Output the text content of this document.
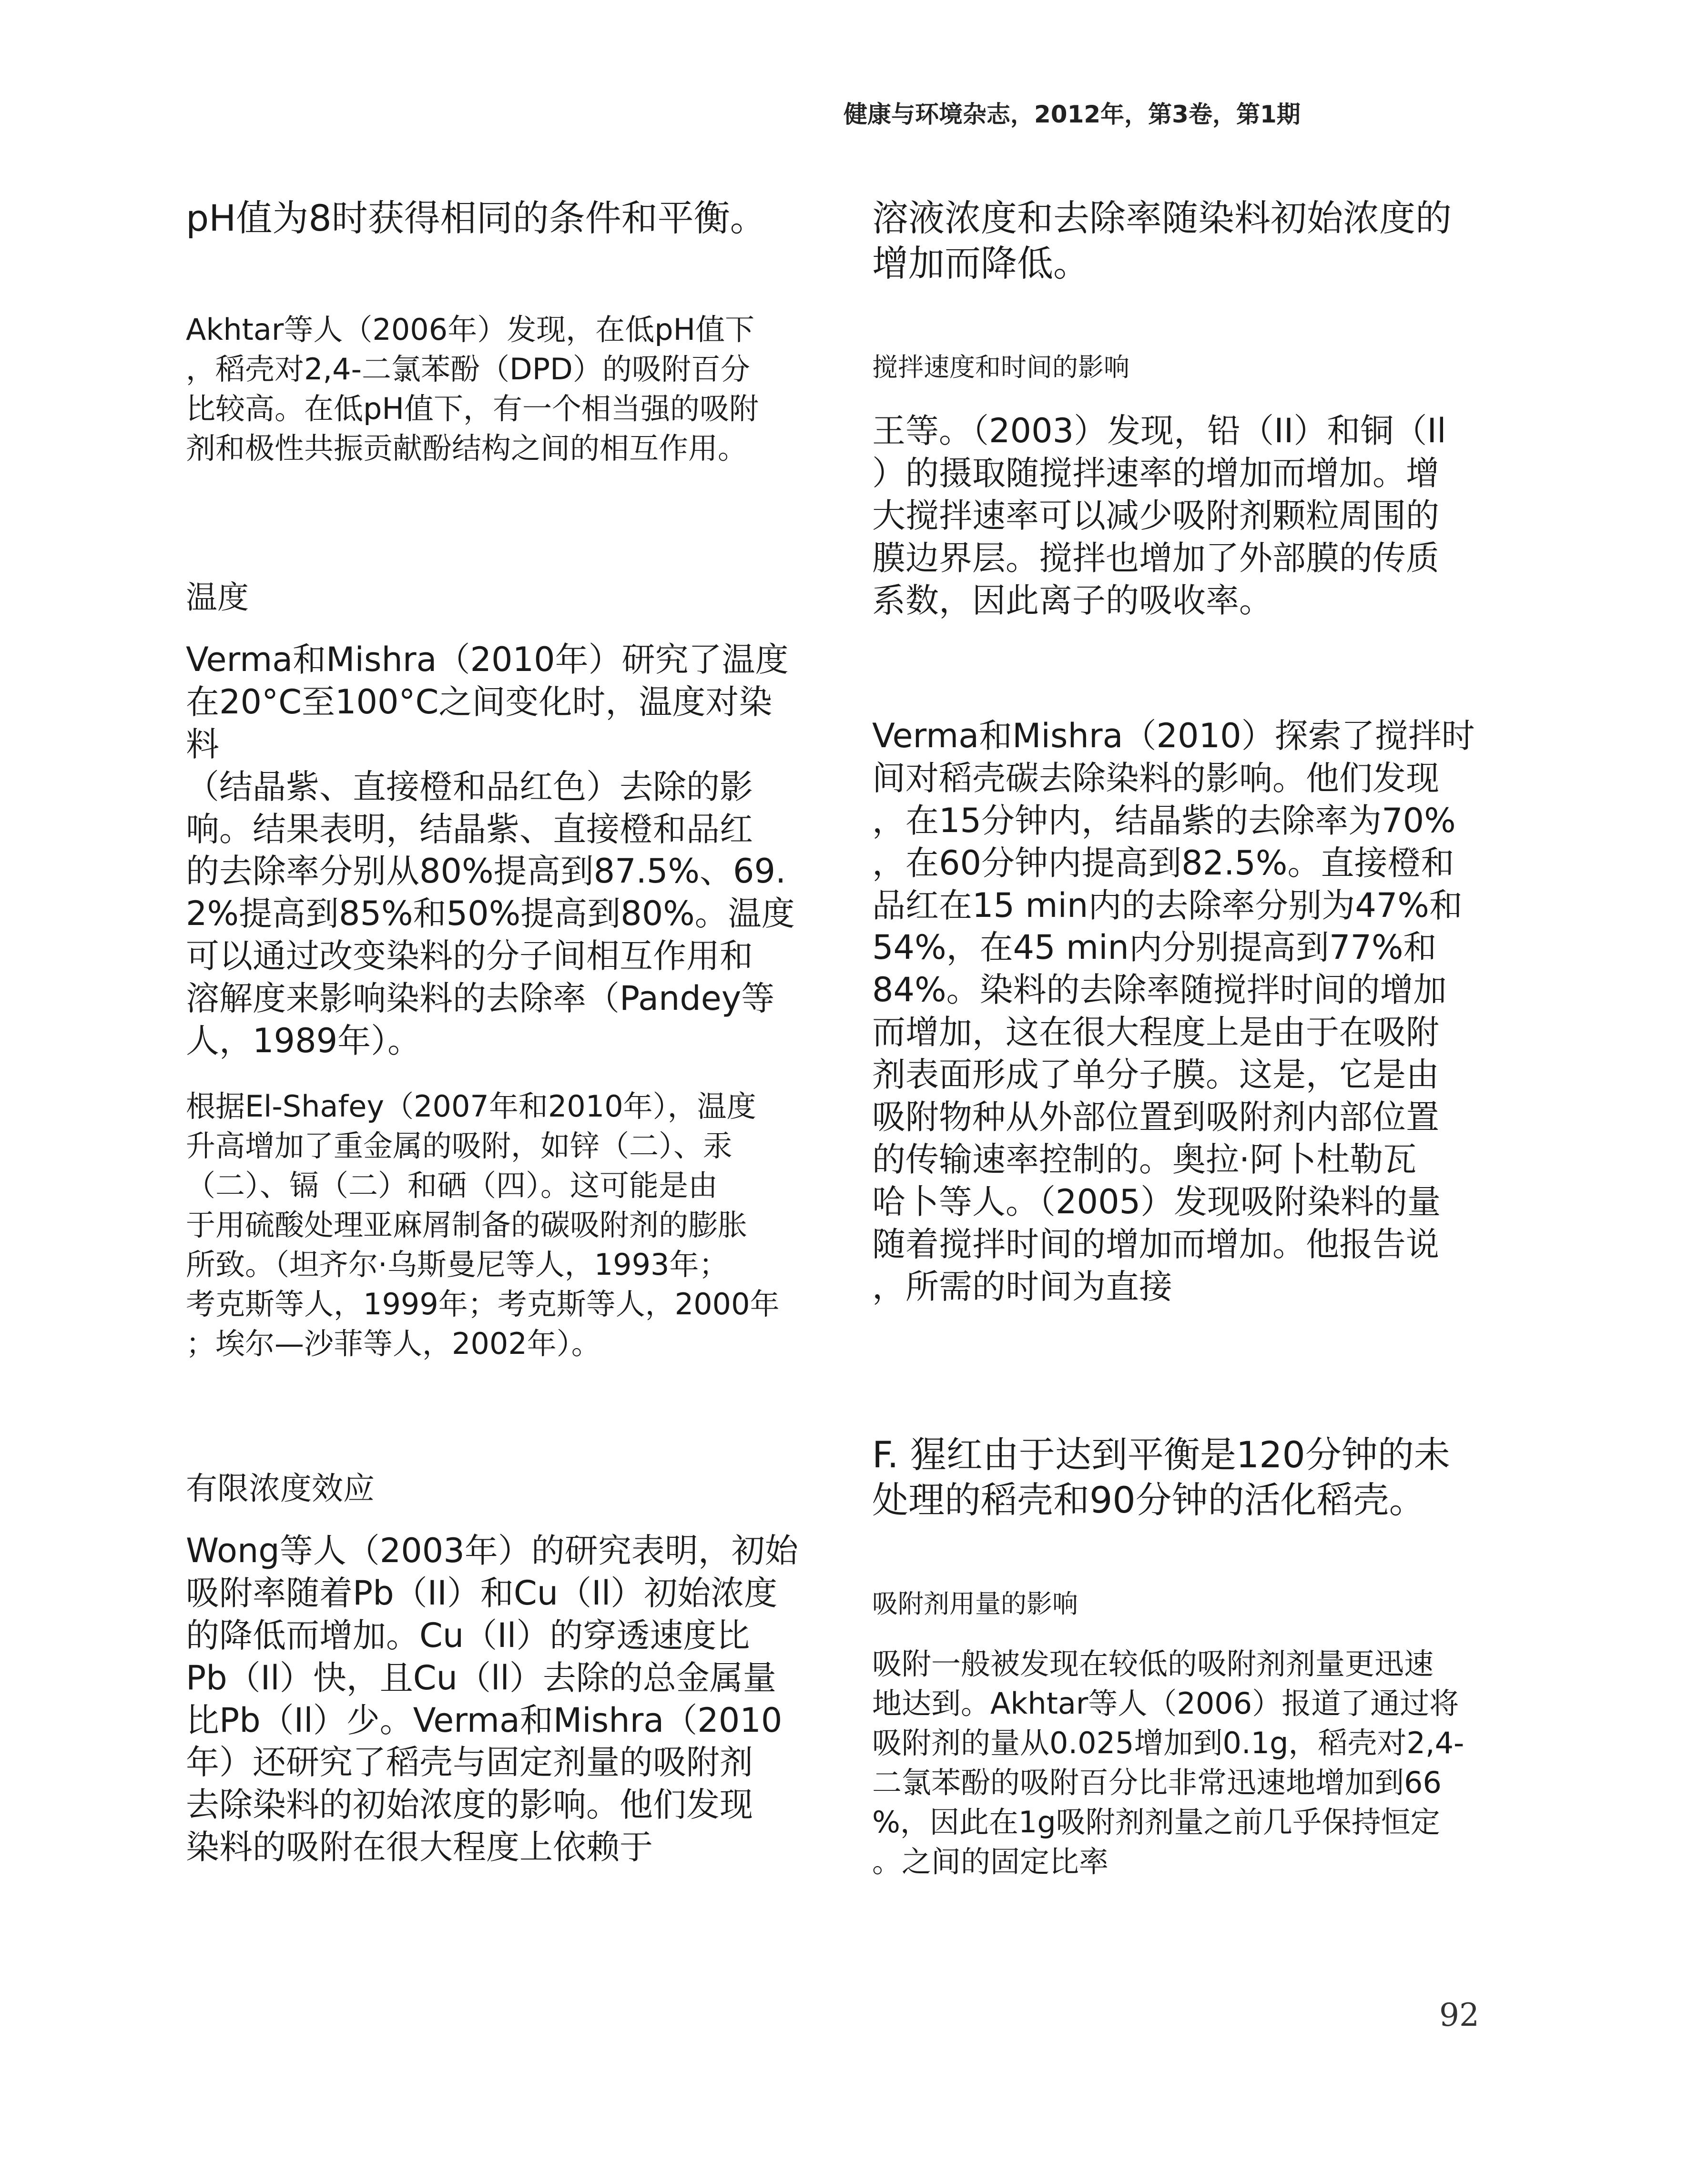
健康与环境杂志，2012年，第3卷，第1期
pH值为8时获得相同的条件和平衡。
Akhtar等人（2006年）发现，在低pH值下
，稻壳对2,4-二氯苯酚（DPD）的吸附百分
比较高。在低pH值下，有一个相当强的吸附
剂和极性共振贡献酚结构之间的相互作用。
温度
Verma和Mishra（2010年）研究了温度
在20°C至100°C之间变化时，温度对染料
（结晶紫、直接橙和品红色）去除的影
响。结果表明，结晶紫、直接橙和品红
的去除率分别从80%提高到87.5%、69.
2%提高到85%和50%提高到80%。温度
可以通过改变染料的分子间相互作用和
溶解度来影响染料的去除率（Pandey等
人，1989年）。
根据El-Shafey（2007年和2010年），温度
升高增加了重金属的吸附，如锌（二）、汞
（二）、镉（二）和硒（四）。这可能是由
于用硫酸处理亚麻屑制备的碳吸附剂的膨胀
所致。（坦齐尔·乌斯曼尼等人，1993年；
考克斯等人，1999年；考克斯等人，2000年
；埃尔—沙菲等人，2002年）。
有限浓度效应
Wong等人（2003年）的研究表明，初始
吸附率随着Pb（II）和Cu（Il）初始浓度
的降低而增加。Cu（Il）的穿透速度比
Pb（Il）快，且Cu（ll）去除的总金属量
比Pb（Il）少。Verma和Mishra（2010
年）还研究了稻壳与固定剂量的吸附剂
去除染料的初始浓度的影响。他们发现
染料的吸附在很大程度上依赖于
溶液浓度和去除率随染料初始浓度的
增加而降低。
搅拌速度和时间的影响
王等。（2003）发现，铅（II）和铜（Il
）的摄取随搅拌速率的增加而增加。增
大搅拌速率可以减少吸附剂颗粒周围的
膜边界层。搅拌也增加了外部膜的传质
系数，因此离子的吸收率。
Verma和Mishra（2010）探索了搅拌时
间对稻壳碳去除染料的影响。他们发现
，在15分钟内，结晶紫的去除率为70%
，在60分钟内提高到82.5%。直接橙和
品红在15 min内的去除率分别为47%和
54%，在45 min内分别提高到77%和
84%。染料的去除率随搅拌时间的增加
而增加，这在很大程度上是由于在吸附
剂表面形成了单分子膜。这是，它是由
吸附物种从外部位置到吸附剂内部位置
的传输速率控制的。奥拉·阿卜杜勒瓦
哈卜等人。（2005）发现吸附染料的量
随着搅拌时间的增加而增加。他报告说
，所需的时间为直接
F. 猩红由于达到平衡是120分钟的未
处理的稻壳和90分钟的活化稻壳。
吸附剂用量的影响
吸附一般被发现在较低的吸附剂剂量更迅速
地达到。Akhtar等人（2006）报道了通过将
吸附剂的量从0.025增加到0.1g，稻壳对2,4-
二氯苯酚的吸附百分比非常迅速地增加到66
%，因此在1g吸附剂剂量之前几乎保持恒定
。之间的固定比率
92
